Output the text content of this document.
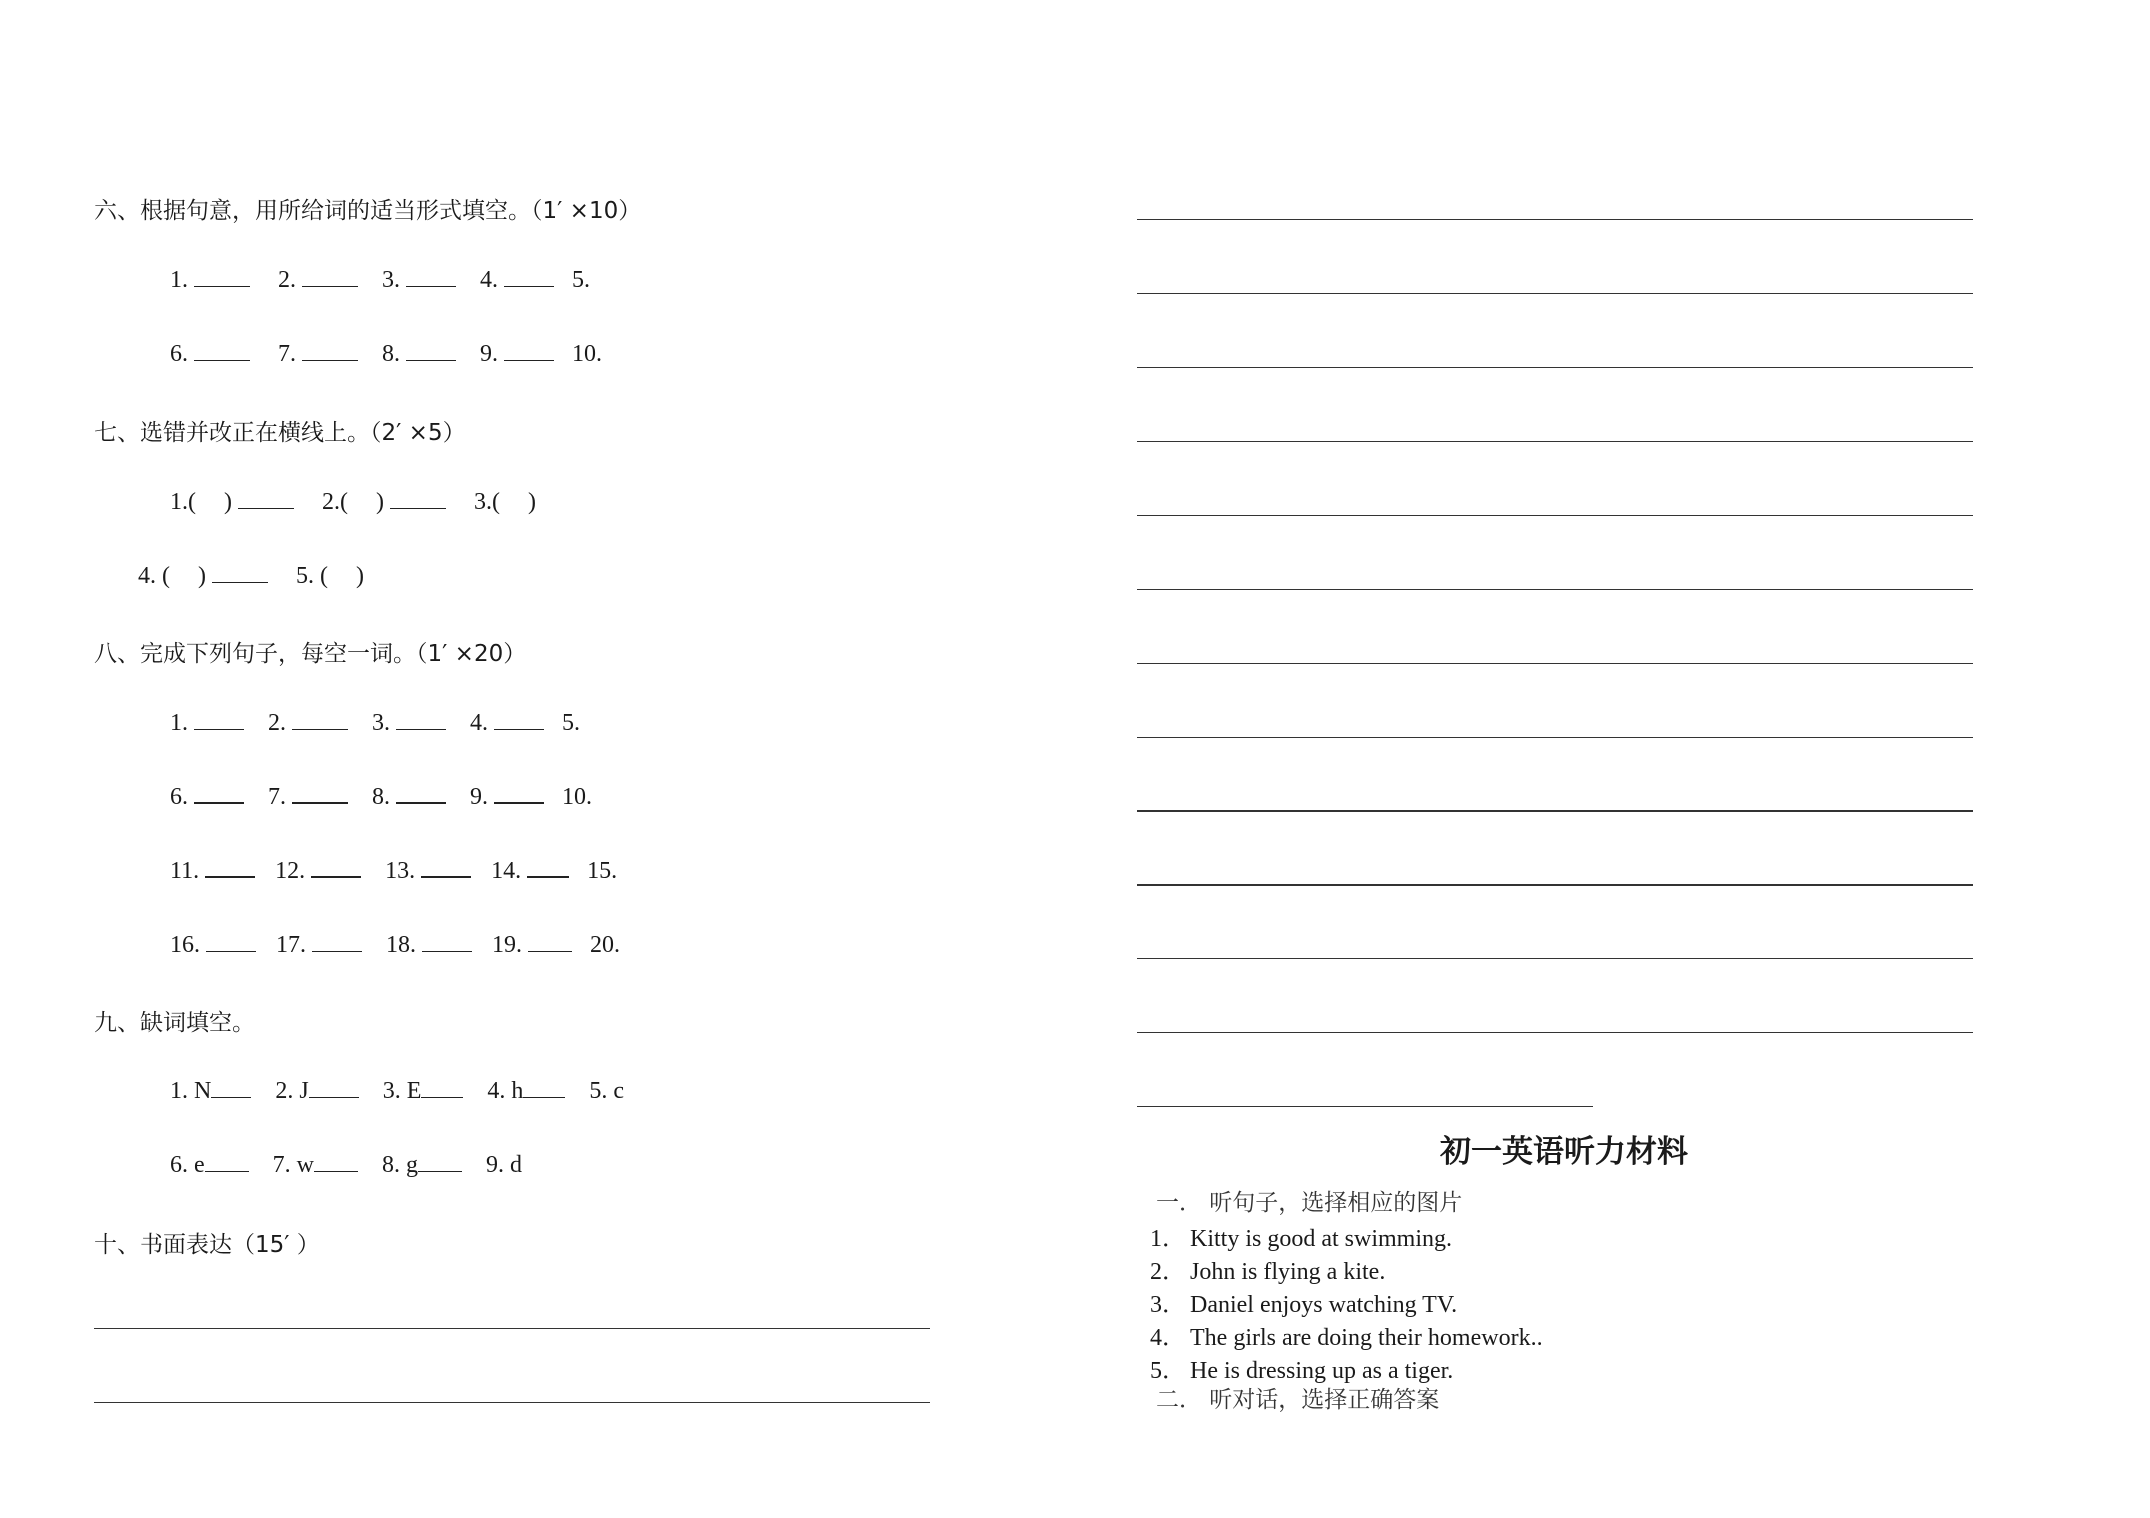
六、根据句意，用所给词的适当形式填空。（1′ ×10）
1.	2.	3.	4.	5.
6.	7.	8.	9.	10.
七、选错并改正在横线上。（2′ ×5）
1.( )	2.( )	3.( )
4. ( )	5. ( )
八、完成下列句子，每空一词。（1′ ×20）
1.	2.	3.	4.	5.
6.	7.	8.	9.	10.
11.	12.	13.	14.	15.
16.	17.	18.	19.	20.
九、缺词填空。
1. N	2. J	3. E	4. h	5. c
6. e	7. w	8. g	9. d
十、书面表达（15′ ）
初一英语听力材料
一． 听句子，选择相应的图片
1． Kitty is good at swimming.
2． John is flying a kite.
3． Daniel enjoys watching TV.
4． The girls are doing their homework..
5． He is dressing up as a tiger.
二． 听对话，选择正确答案
